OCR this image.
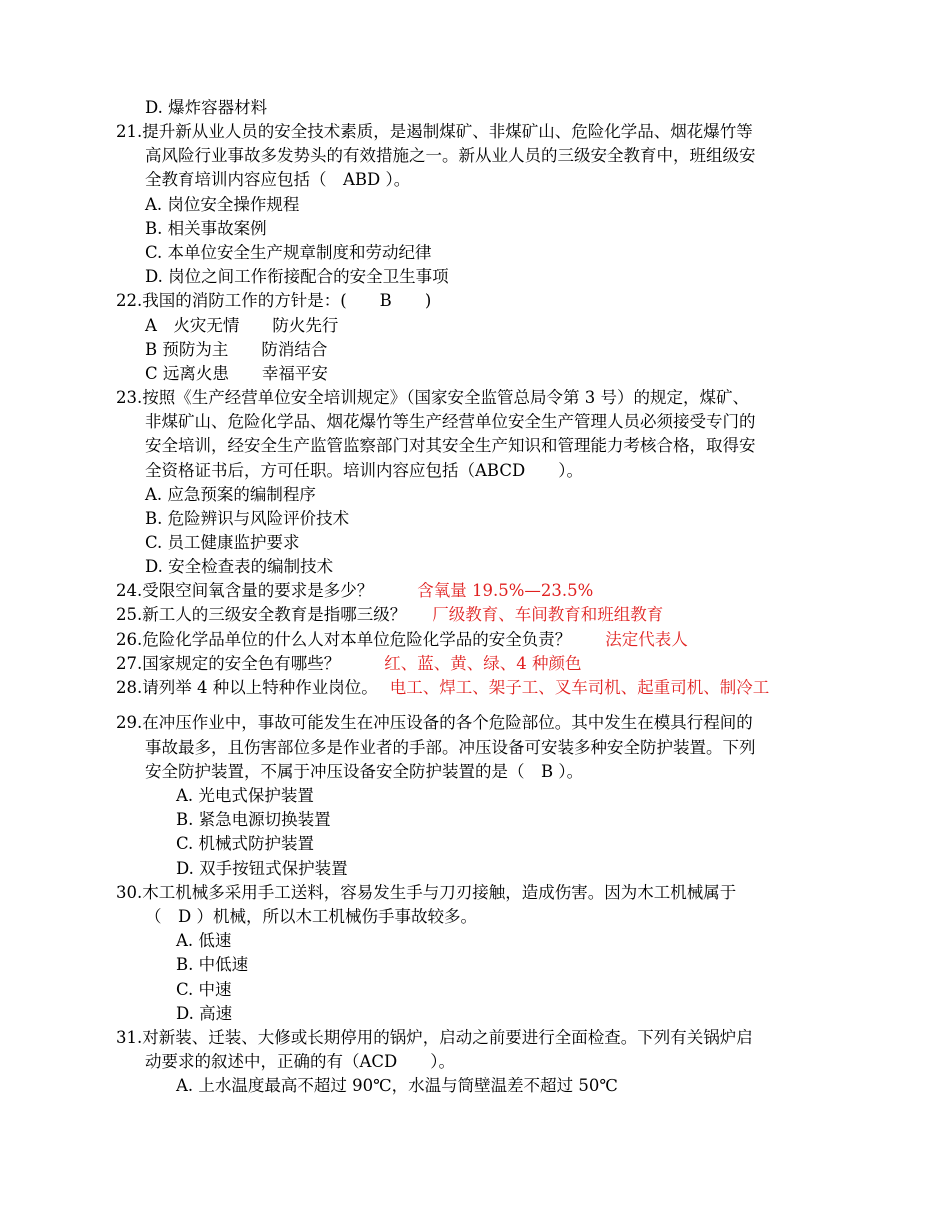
D. 爆炸容器材料
21.提升新从业人员的安全技术素质，是遏制煤矿、非煤矿山、危险化学品、烟花爆竹等
高风险行业事故多发势头的有效措施之一。新从业人员的三级安全教育中，班组级安
全教育培训内容应包括（　ABD ）。
A. 岗位安全操作规程
B. 相关事故案例
C. 本单位安全生产规章制度和劳动纪律
D. 岗位之间工作衔接配合的安全卫生事项
22.我国的消防工作的方针是：(　　B　　)
A　火灾无情　　防火先行
B 预防为主　　防消结合
C 远离火患　　幸福平安
23.按照《生产经营单位安全培训规定》（国家安全监管总局令第 3 号）的规定，煤矿、
非煤矿山、危险化学品、烟花爆竹等生产经营单位安全生产管理人员必须接受专门的
安全培训，经安全生产监管监察部门对其安全生产知识和管理能力考核合格，取得安
全资格证书后，方可任职。培训内容应包括（ABCD　　）。
A. 应急预案的编制程序
B. 危险辨识与风险评价技术
C. 员工健康监护要求
D. 安全检查表的编制技术
24.受限空间氧含量的要求是多少？	含氧量 19.5%—23.5%
25.新工人的三级安全教育是指哪三级？ 厂级教育、车间教育和班组教育
26.危险化学品单位的什么人对本单位危险化学品的安全负责？ 法定代表人
27.国家规定的安全色有哪些？	红、蓝、黄、绿、4 种颜色
28.请列举 4 种以上特种作业岗位。 电工、焊工、架子工、叉车司机、起重司机、制冷工
29.在冲压作业中，事故可能发生在冲压设备的各个危险部位。其中发生在模具行程间的
事故最多，且伤害部位多是作业者的手部。冲压设备可安装多种安全防护装置。下列
安全防护装置，不属于冲压设备安全防护装置的是（　B ）。
A. 光电式保护装置
B. 紧急电源切换装置
C. 机械式防护装置
D. 双手按钮式保护装置
30.木工机械多采用手工送料，容易发生手与刀刃接触，造成伤害。因为木工机械属于
（　D ）机械，所以木工机械伤手事故较多。
A. 低速
B. 中低速
C. 中速
D. 高速
31.对新装、迁装、大修或长期停用的锅炉，启动之前要进行全面检查。下列有关锅炉启
动要求的叙述中，正确的有（ACD　　）。
A. 上水温度最高不超过 90℃，水温与筒壁温差不超过 50℃
